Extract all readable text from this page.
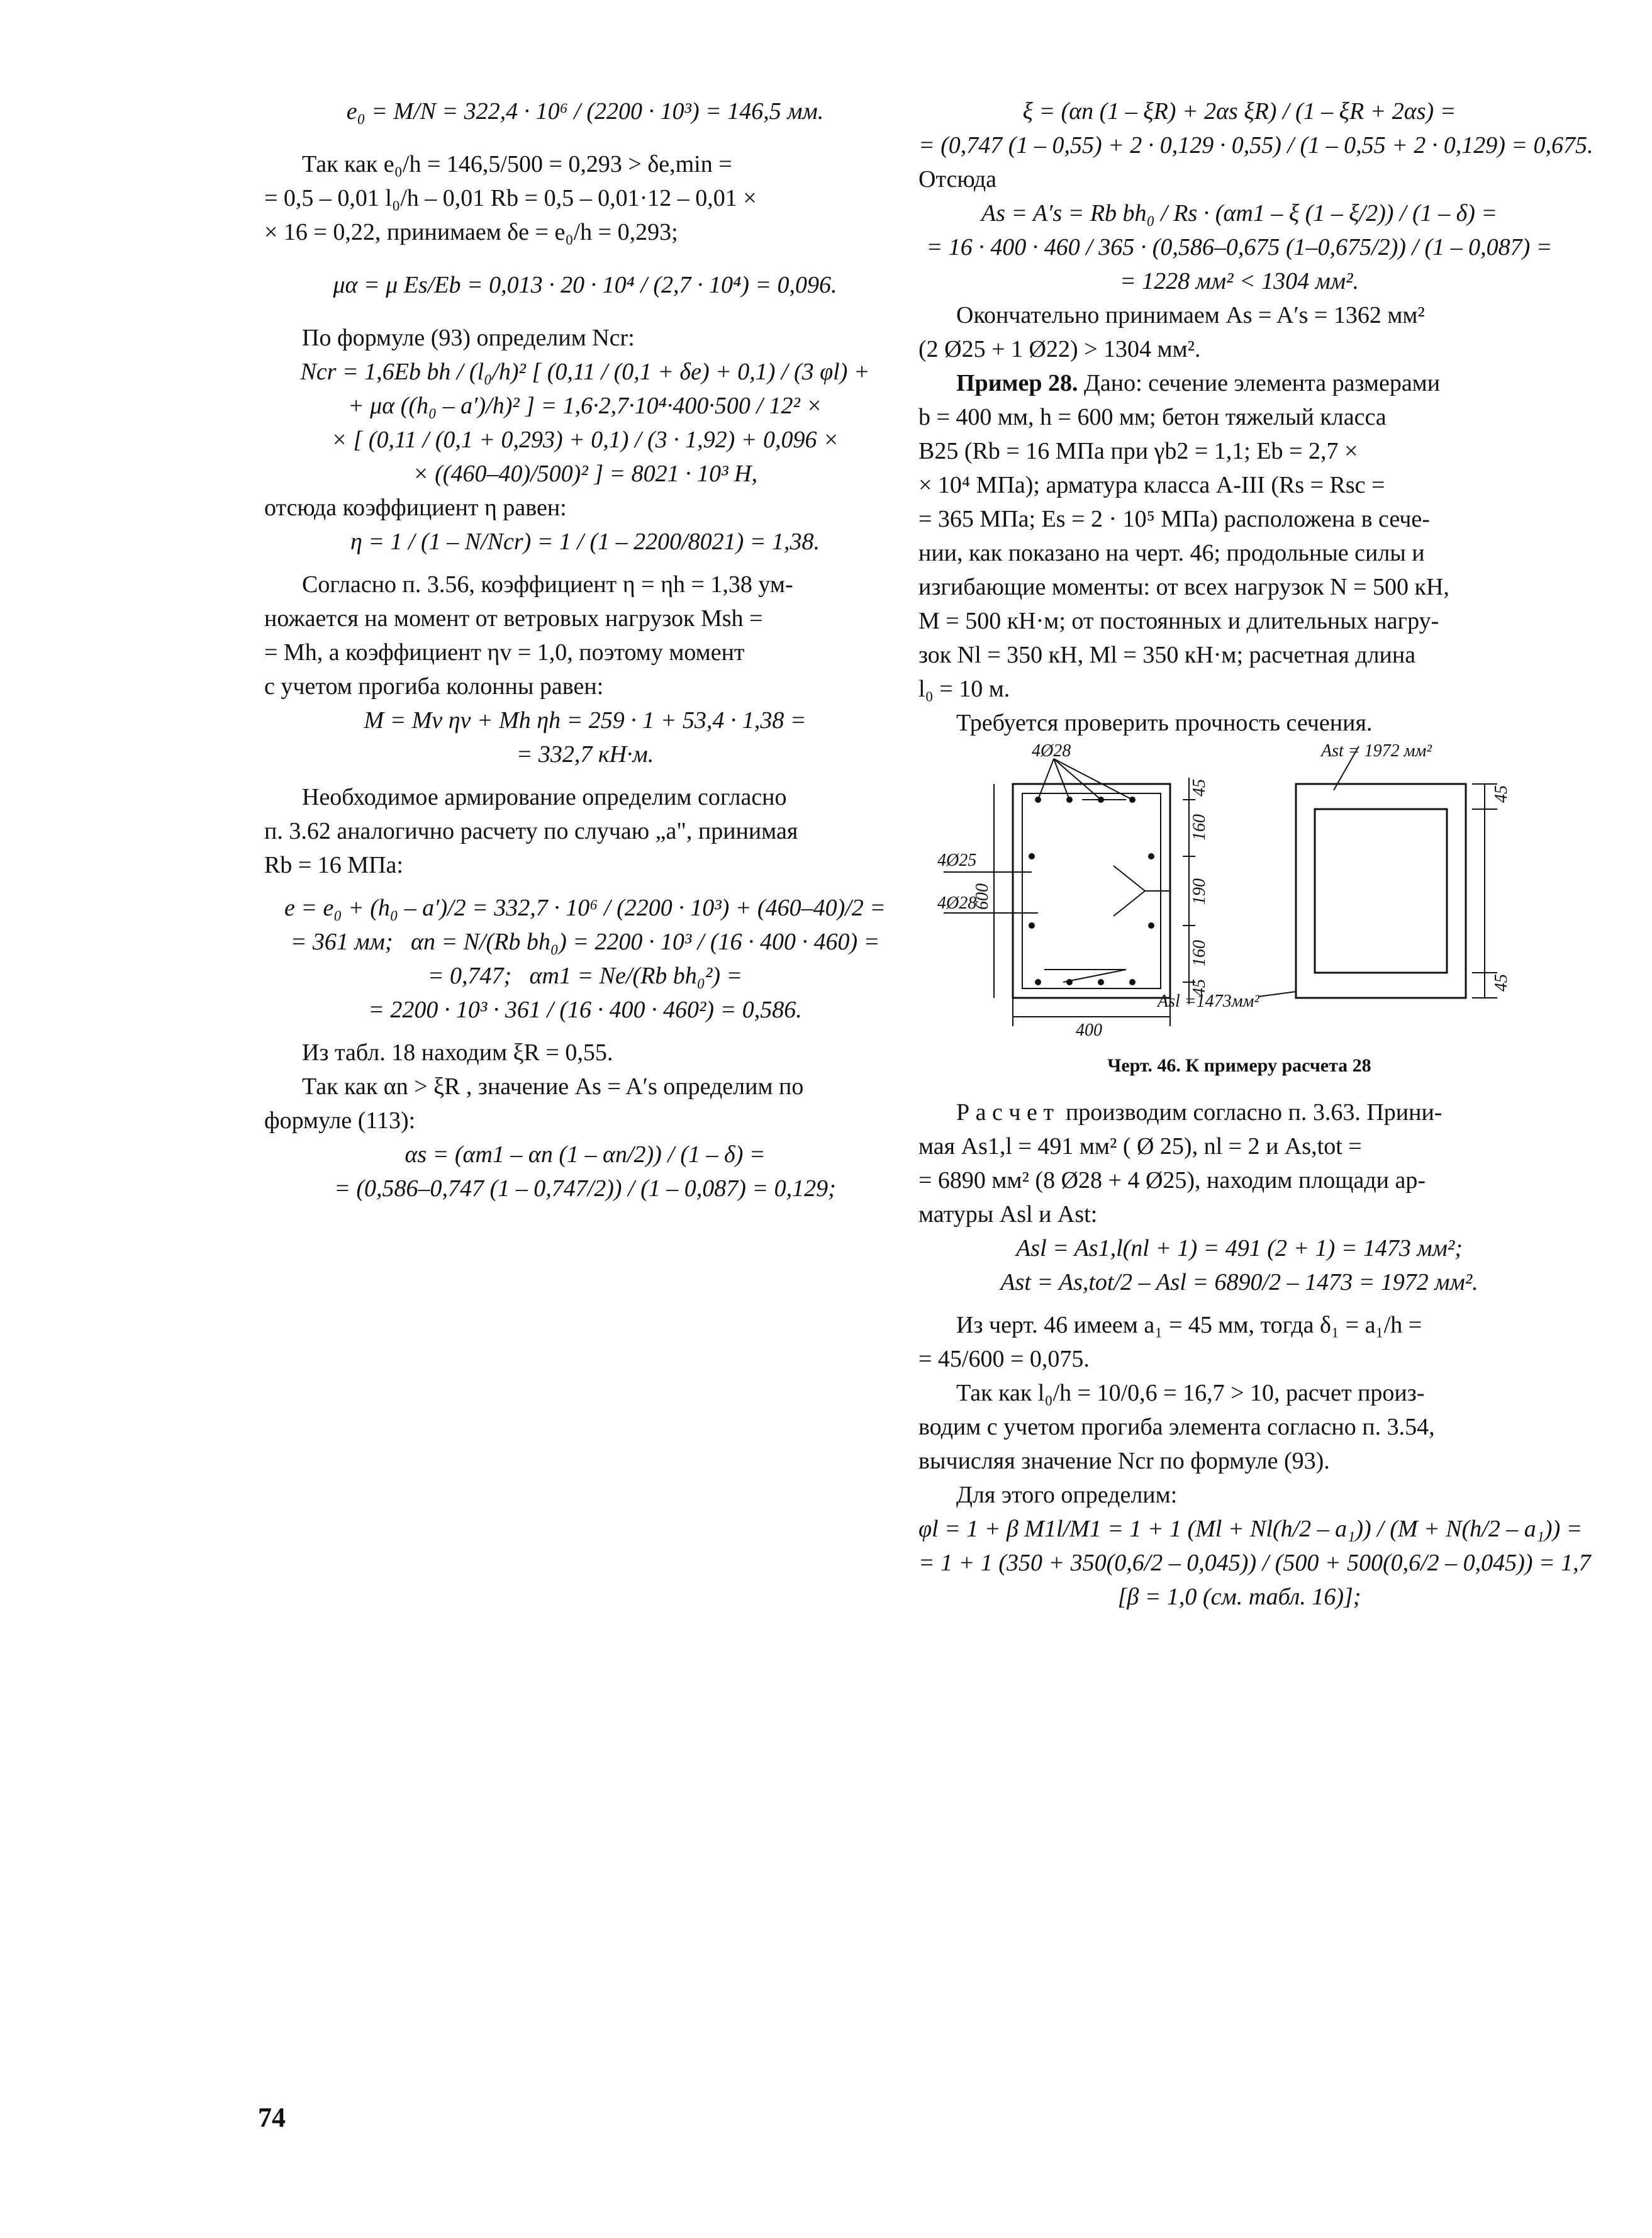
e₀ = M/N = 322,4 · 10⁶ / (2200 · 10³) = 146,5 мм.

Так как e₀/h = 146,5/500 = 0,293 > δe,min =

= 0,5 – 0,01 l₀/h – 0,01 Rb = 0,5 – 0,01·12 – 0,01 ×

× 16 = 0,22, принимаем δe = e₀/h = 0,293;

μα = μ Es/Eb = 0,013 · 20 · 10⁴ / (2,7 · 10⁴) = 0,096.

По формуле (93) определим Ncr:

Ncr = 1,6Eb bh / (l₀/h)² [ (0,11 / (0,1 + δe) + 0,1) / (3 φl) +

+ μα ((h₀ – a′)/h)² ] = 1,6·2,7·10⁴·400·500 / 12² ×

× [ (0,11 / (0,1 + 0,293) + 0,1) / (3 · 1,92) + 0,096 ×

× ((460–40)/500)² ] = 8021 · 10³ Н,

отсюда коэффициент η равен:

η = 1 / (1 – N/Ncr) = 1 / (1 – 2200/8021) = 1,38.

Согласно п. 3.56, коэффициент η = ηh = 1,38 ум-

ножается на момент от ветровых нагрузок Msh =

= Mh, а коэффициент ηv = 1,0, поэтому момент

с учетом прогиба колонны равен:

M = Mv ηv + Mh ηh = 259 · 1 + 53,4 · 1,38 =

= 332,7 кН·м.

Необходимое армирование определим согласно

п. 3.62 аналогично расчету по случаю „а", принимая

Rb = 16 МПа:

e = e₀ + (h₀ – a′)/2 = 332,7 · 10⁶ / (2200 · 10³) + (460–40)/2 =

= 361 мм;   αn = N/(Rb bh₀) = 2200 · 10³ / (16 · 400 · 460) =

= 0,747;   αm1 = Ne/(Rb bh₀²) =

= 2200 · 10³ · 361 / (16 · 400 · 460²) = 0,586.

Из табл. 18 находим ξR = 0,55.

Так как αn > ξR , значение As = A′s определим по

формуле (113):

αs = (αm1 – αn (1 – αn/2)) / (1 – δ) =

= (0,586–0,747 (1 – 0,747/2)) / (1 – 0,087) = 0,129;

ξ = (αn (1 – ξR) + 2αs ξR) / (1 – ξR + 2αs) =

= (0,747 (1 – 0,55) + 2 · 0,129 · 0,55) / (1 – 0,55 + 2 · 0,129) = 0,675.

Отсюда

As = A′s = Rb bh₀ / Rs · (αm1 – ξ (1 – ξ/2)) / (1 – δ) =

= 16 · 400 · 460 / 365 · (0,586–0,675 (1–0,675/2)) / (1 – 0,087) =

= 1228 мм² < 1304 мм².

Окончательно принимаем As = A′s = 1362 мм²

(2 Ø25 + 1 Ø22) > 1304 мм².

Пример 28. Дано: сечение элемента размерами

b = 400 мм, h = 600 мм; бетон тяжелый класса

B25 (Rb = 16 МПа при γb2 = 1,1; Eb = 2,7 ×

× 10⁴ МПа); арматура класса А-III (Rs = Rsc =

= 365 МПа; Es = 2 · 10⁵ МПа) расположена в сече-

нии, как показано на черт. 46; продольные силы и

изгибающие моменты: от всех нагрузок N = 500 кН,

M = 500 кН·м; от постоянных и длительных нагру-

зок Nl = 350 кН, Ml = 350 кН·м; расчетная длина

l₀ = 10 м.

Требуется проверить прочность сечения.

4Ø28
4Ø25
4Ø28
600
400
45
160
190
160
45
Ast = 1972 мм²
Asl =1473мм²
45
45
Черт. 46. К примеру расчета 28

Р а с ч е т  производим согласно п. 3.63. Прини-

мая As1,l = 491 мм² ( Ø 25), nl = 2 и As,tot =

= 6890 мм² (8 Ø28 + 4 Ø25), находим площади ар-

матуры Asl и Ast:

Asl = As1,l(nl + 1) = 491 (2 + 1) = 1473 мм²;

Ast = As,tot/2 – Asl = 6890/2 – 1473 = 1972 мм².

Из черт. 46 имеем a₁ = 45 мм, тогда δ₁ = a₁/h =

= 45/600 = 0,075.

Так как l₀/h = 10/0,6 = 16,7 > 10, расчет произ-

водим с учетом прогиба элемента согласно п. 3.54,

вычисляя значение Ncr по формуле (93).

Для этого определим:

φl = 1 + β M1l/M1 = 1 + 1 (Ml + Nl(h/2 – a₁)) / (M + N(h/2 – a₁)) =

= 1 + 1 (350 + 350(0,6/2 – 0,045)) / (500 + 500(0,6/2 – 0,045)) = 1,7

[β = 1,0 (см. табл. 16)];

74
